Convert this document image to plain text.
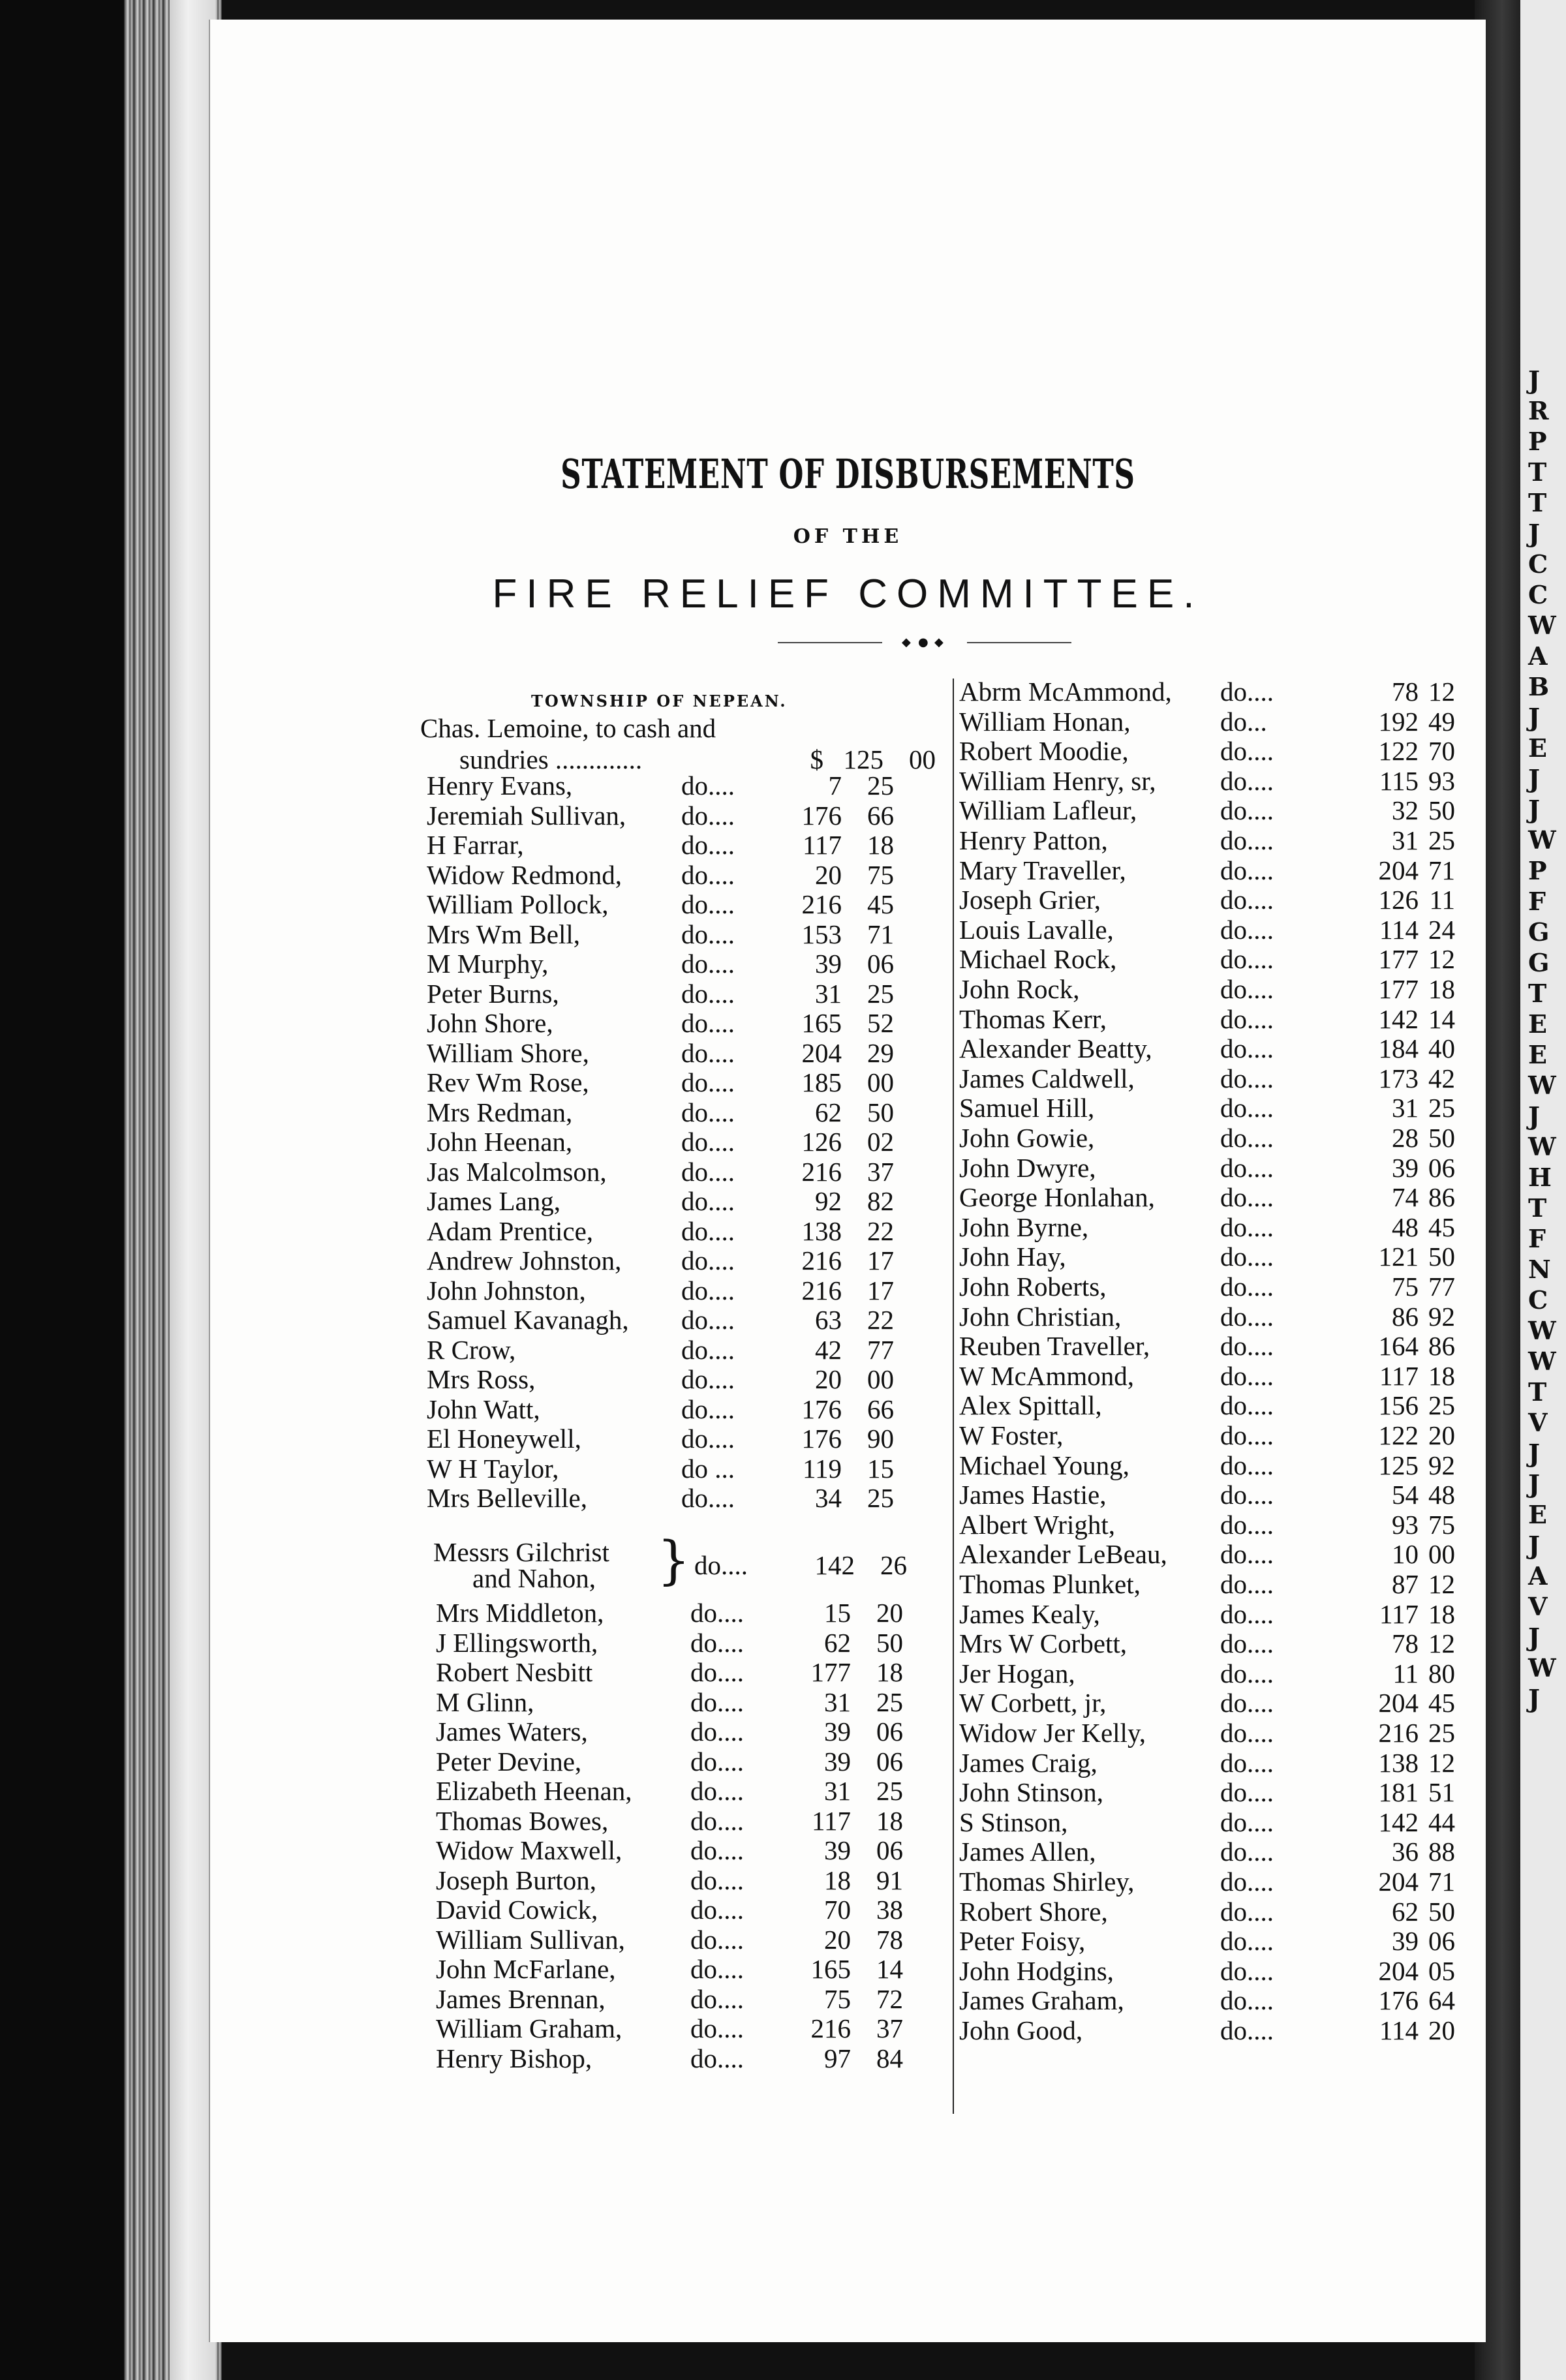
J
R
P
T
T
J
C
C
W
A
B
J
E
J
J
W
P
F
G
G
T
E
E
W
J
W
H
T
F
N
C
W
W
T
V
J
J
E
J
A
V
J
W
J
STATEMENT OF DISBURSEMENTS
OF THE
FIRE RELIEF COMMITTEE.
◆ ● ◆
TOWNSHIP OF NEPEAN.
Chas. Lemoine, to cash and
sundries .............	$ 125 00
Henry Evans,	do....	7 25
Jeremiah Sullivan, do....	176 66
H Farrar,	do....	117 18
Widow Redmond, do....	20 75
William Pollock,	do....	216 45
Mrs Wm Bell,	do....	153 71
M Murphy,	do....	39 06
Peter Burns,	do....	31 25
John Shore,	do....	165 52
William Shore,	do....	204 29
Rev Wm Rose,	do....	185 00
Mrs Redman,	do....	62 50
John Heenan,	do....	126 02
Jas Malcolmson,	do....	216 37
James Lang,	do....	92 82
Adam Prentice,	do....	138 22
Andrew Johnston, do....	216 17
John Johnston,	do....	216 17
Samuel Kavanagh, do....	63 22
R Crow,	do....	42 77
Mrs Ross,	do....	20 00
John Watt,	do....	176 66
El Honeywell,	do....	176 90
W H Taylor,	do ...	119 15
Mrs Belleville,	do....	34 25
Messrs Gilchrist
and Nahon, } do....	142 26
Mrs Middleton,	do....	15 20
J Ellingsworth,	do....	62 50
Robert Nesbitt	do....	177 18
M Glinn,	do....	31 25
James Waters,	do....	39 06
Peter Devine,	do....	39 06
Elizabeth Heenan, do....	31 25
Thomas Bowes,	do....	117 18
Widow Maxwell,	do....	39 06
Joseph Burton,	do....	18 91
David Cowick,	do....	70 38
William Sullivan, do....	20 78
John McFarlane,	do....	165 14
James Brennan,	do....	75 72
William Graham,	do....	216 37
Henry Bishop,	do....	97 84
Abrm McAmmond, do....	78 12
William Honan,	do...	192 49
Robert Moodie,	do....	122 70
William Henry, sr, do....	115 93
William Lafleur,	do....	32 50
Henry Patton,	do....	31 25
Mary Traveller,	do....	204 71
Joseph Grier,	do....	126 11
Louis Lavalle,	do....	114 24
Michael Rock,	do....	177 12
John Rock,	do....	177 18
Thomas Kerr,	do....	142 14
Alexander Beatty,	do....	184 40
James Caldwell,	do....	173 42
Samuel Hill,	do....	31 25
John Gowie,	do....	28 50
John Dwyre,	do....	39 06
George Honlahan, do....	74 86
John Byrne,	do....	48 45
John Hay,	do....	121 50
John Roberts,	do....	75 77
John Christian,	do....	86 92
Reuben Traveller,	do....	164 86
W McAmmond,	do....	117 18
Alex Spittall,	do....	156 25
W Foster,	do....	122 20
Michael Young,	do....	125 92
James Hastie,	do....	54 48
Albert Wright,	do....	93 75
Alexander LeBeau, do....	10 00
Thomas Plunket,	do....	87 12
James Kealy,	do....	117 18
Mrs W Corbett,	do....	78 12
Jer Hogan,	do....	11 80
W Corbett, jr,	do....	204 45
Widow Jer Kelly,	do....	216 25
James Craig,	do....	138 12
John Stinson,	do....	181 51
S Stinson,	do....	142 44
James Allen,	do....	36 88
Thomas Shirley,	do....	204 71
Robert Shore,	do....	62 50
Peter Foisy,	do....	39 06
John Hodgins,	do....	204 05
James Graham,	do....	176 64
John Good,	do....	114 20
